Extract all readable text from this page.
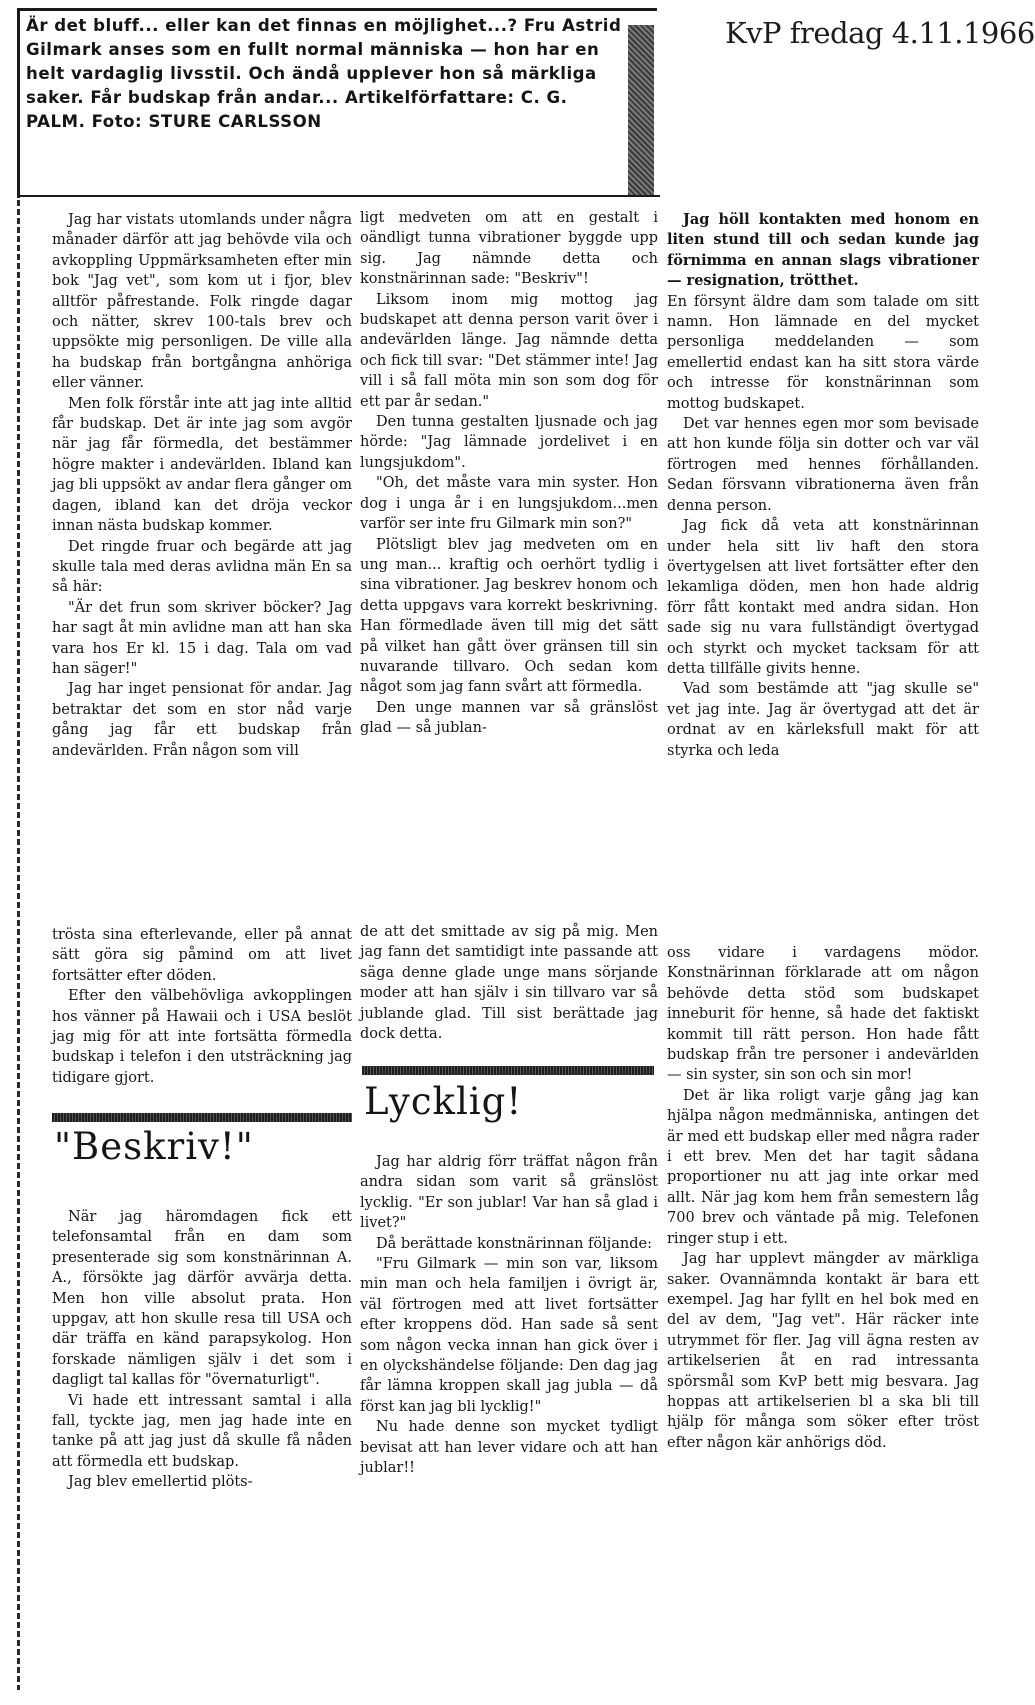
Är det bluff... eller kan det finnas en möjlighet...? Fru Astrid Gilmark anses som en fullt normal människa — hon har en helt vardaglig livsstil. Och ändå upplever hon så märkliga saker. Får budskap från andar... Artikelförfattare: C. G. PALM. Foto: STURE CARLSSON
KvP fredag 4.11.1966

Jag har vistats utomlands under några månader därför att jag behövde vila och avkoppling Uppmärksamheten efter min bok "Jag vet", som kom ut i fjor, blev alltför påfrestande. Folk ringde dagar och nätter, skrev 100-tals brev och uppsökte mig personligen. De ville alla ha budskap från bortgångna anhöriga eller vänner.

Men folk förstår inte att jag inte alltid får budskap. Det är inte jag som avgör när jag får förmedla, det bestämmer högre makter i andevärlden. Ibland kan jag bli uppsökt av andar flera gånger om dagen, ibland kan det dröja veckor innan nästa budskap kommer.

Det ringde fruar och begärde att jag skulle tala med deras avlidna män En sa så här:

"Är det frun som skriver böcker? Jag har sagt åt min avlidne man att han ska vara hos Er kl. 15 i dag. Tala om vad han säger!"

Jag har inget pensionat för andar. Jag betraktar det som en stor nåd varje gång jag får ett budskap från andevärlden. Från någon som vill

trösta sina efterlevande, eller på annat sätt göra sig påmind om att livet fortsätter efter döden.

Efter den välbehövliga avkopplingen hos vänner på Hawaii och i USA beslöt jag mig för att inte fortsätta förmedla budskap i telefon i den utsträckning jag tidigare gjort.

"Beskriv!"

När jag häromdagen fick ett telefonsamtal från en dam som presenterade sig som konstnärinnan A. A., försökte jag därför avvärja detta. Men hon ville absolut prata. Hon uppgav, att hon skulle resa till USA och där träffa en känd parapsykolog. Hon forskade nämligen själv i det som i dagligt tal kallas för "övernaturligt".

Vi hade ett intressant samtal i alla fall, tyckte jag, men jag hade inte en tanke på att jag just då skulle få nåden att förmedla ett budskap.

Jag blev emellertid plöts-

ligt medveten om att en gestalt i oändligt tunna vibrationer byggde upp sig. Jag nämnde detta och konstnärinnan sade: "Beskriv"!

Liksom inom mig mottog jag budskapet att denna person varit över i andevärlden länge. Jag nämnde detta och fick till svar: "Det stämmer inte! Jag vill i så fall möta min son som dog för ett par år sedan."

Den tunna gestalten ljusnade och jag hörde: "Jag lämnade jordelivet i en lungsjukdom".

"Oh, det måste vara min syster. Hon dog i unga år i en lungsjukdom...men varför ser inte fru Gilmark min son?"

Plötsligt blev jag medveten om en ung man... kraftig och oerhört tydlig i sina vibrationer. Jag beskrev honom och detta uppgavs vara korrekt beskrivning. Han förmedlade även till mig det sätt på vilket han gått över gränsen till sin nuvarande tillvaro. Och sedan kom något som jag fann svårt att förmedla.

Den unge mannen var så gränslöst glad — så jublan-

de att det smittade av sig på mig. Men jag fann det samtidigt inte passande att säga denne glade unge mans sörjande moder att han själv i sin tillvaro var så jublande glad. Till sist berättade jag dock detta.

Lycklig!

Jag har aldrig förr träffat någon från andra sidan som varit så gränslöst lycklig. "Er son jublar! Var han så glad i livet?"

Då berättade konstnärinnan följande:

"Fru Gilmark — min son var, liksom min man och hela familjen i övrigt är, väl förtrogen med att livet fortsätter efter kroppens död. Han sade så sent som någon vecka innan han gick över i en olyckshändelse följande: Den dag jag får lämna kroppen skall jag jubla — då först kan jag bli lycklig!"

Nu hade denne son mycket tydligt bevisat att han lever vidare och att han jublar!!

Jag höll kontakten med honom en liten stund till och sedan kunde jag förnimma en annan slags vibrationer — resignation, trötthet.

En försynt äldre dam som talade om sitt namn. Hon lämnade en del mycket personliga meddelanden — som emellertid endast kan ha sitt stora värde och intresse för konstnärinnan som mottog budskapet.

Det var hennes egen mor som bevisade att hon kunde följa sin dotter och var väl förtrogen med hennes förhållanden. Sedan försvann vibrationerna även från denna person.

Jag fick då veta att konstnärinnan under hela sitt liv haft den stora övertygelsen att livet fortsätter efter den lekamliga döden, men hon hade aldrig förr fått kontakt med andra sidan. Hon sade sig nu vara fullständigt övertygad och styrkt och mycket tacksam för att detta tillfälle givits henne.

Vad som bestämde att "jag skulle se" vet jag inte. Jag är övertygad att det är ordnat av en kärleksfull makt för att styrka och leda

oss vidare i vardagens mödor. Konstnärinnan förklarade att om någon behövde detta stöd som budskapet inneburit för henne, så hade det faktiskt kommit till rätt person. Hon hade fått budskap från tre personer i andevärlden — sin syster, sin son och sin mor!

Det är lika roligt varje gång jag kan hjälpa någon medmänniska, antingen det är med ett budskap eller med några rader i ett brev. Men det har tagit sådana proportioner nu att jag inte orkar med allt. När jag kom hem från semestern låg 700 brev och väntade på mig. Telefonen ringer stup i ett.

Jag har upplevt mängder av märkliga saker. Ovannämnda kontakt är bara ett exempel. Jag har fyllt en hel bok med en del av dem, "Jag vet". Här räcker inte utrymmet för fler. Jag vill ägna resten av artikelserien åt en rad intressanta spörsmål som KvP bett mig besvara. Jag hoppas att artikelserien bl a ska bli till hjälp för många som söker efter tröst efter någon kär anhörigs död.
